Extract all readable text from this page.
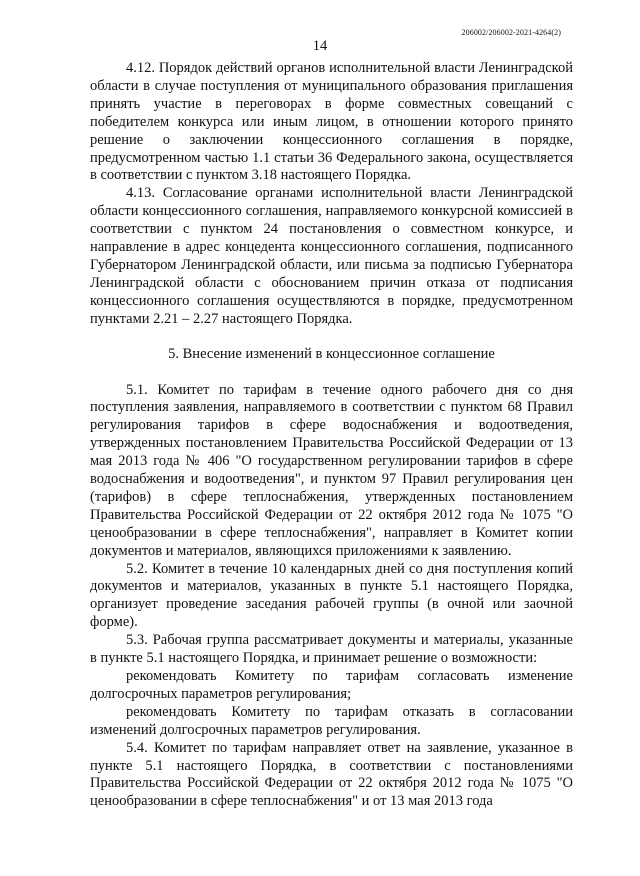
206002/206002-2021-4264(2)
14

4.12. Порядок действий органов исполнительной власти Ленинградской области в случае поступления от муниципального образования приглашения принять участие в переговорах в форме совместных совещаний с победителем конкурса или иным лицом, в отношении которого принято решение о заключении концессионного соглашения в порядке, предусмотренном частью 1.1 статьи 36 Федерального закона, осуществляется в соответствии с пунктом 3.18 настоящего Порядка.

4.13. Согласование органами исполнительной власти Ленинградской области концессионного соглашения, направляемого конкурсной комиссией в соответствии с пунктом 24 постановления о совместном конкурсе, и направление в адрес концедента концессионного соглашения, подписанного Губернатором Ленинградской области, или письма за подписью Губернатора Ленинградской области с обоснованием причин отказа от подписания концессионного соглашения осуществляются в порядке, предусмотренном пунктами 2.21 – 2.27 настоящего Порядка.

5. Внесение изменений в концессионное соглашение

5.1. Комитет по тарифам в течение одного рабочего дня со дня поступления заявления, направляемого в соответствии с пунктом 68 Правил регулирования тарифов в сфере водоснабжения и водоотведения, утвержденных постановлением Правительства Российской Федерации от 13 мая 2013 года № 406 "О государственном регулировании тарифов в сфере водоснабжения и водоотведения", и пунктом 97 Правил регулирования цен (тарифов) в сфере теплоснабжения, утвержденных постановлением Правительства Российской Федерации от 22 октября 2012 года № 1075 "О ценообразовании в сфере теплоснабжения", направляет в Комитет копии документов и материалов, являющихся приложениями к заявлению.

5.2. Комитет в течение 10 календарных дней со дня поступления копий документов и материалов, указанных в пункте 5.1 настоящего Порядка, организует проведение заседания рабочей группы (в очной или заочной форме).

5.3. Рабочая группа рассматривает документы и материалы, указанные в пункте 5.1 настоящего Порядка, и принимает решение о возможности:

рекомендовать Комитету по тарифам согласовать изменение долгосрочных параметров регулирования;

рекомендовать Комитету по тарифам отказать в согласовании изменений долгосрочных параметров регулирования.

5.4. Комитет по тарифам направляет ответ на заявление, указанное в пункте 5.1 настоящего Порядка, в соответствии с постановлениями Правительства Российской Федерации от 22 октября 2012 года № 1075 "О ценообразовании в сфере теплоснабжения" и от 13 мая 2013 года
